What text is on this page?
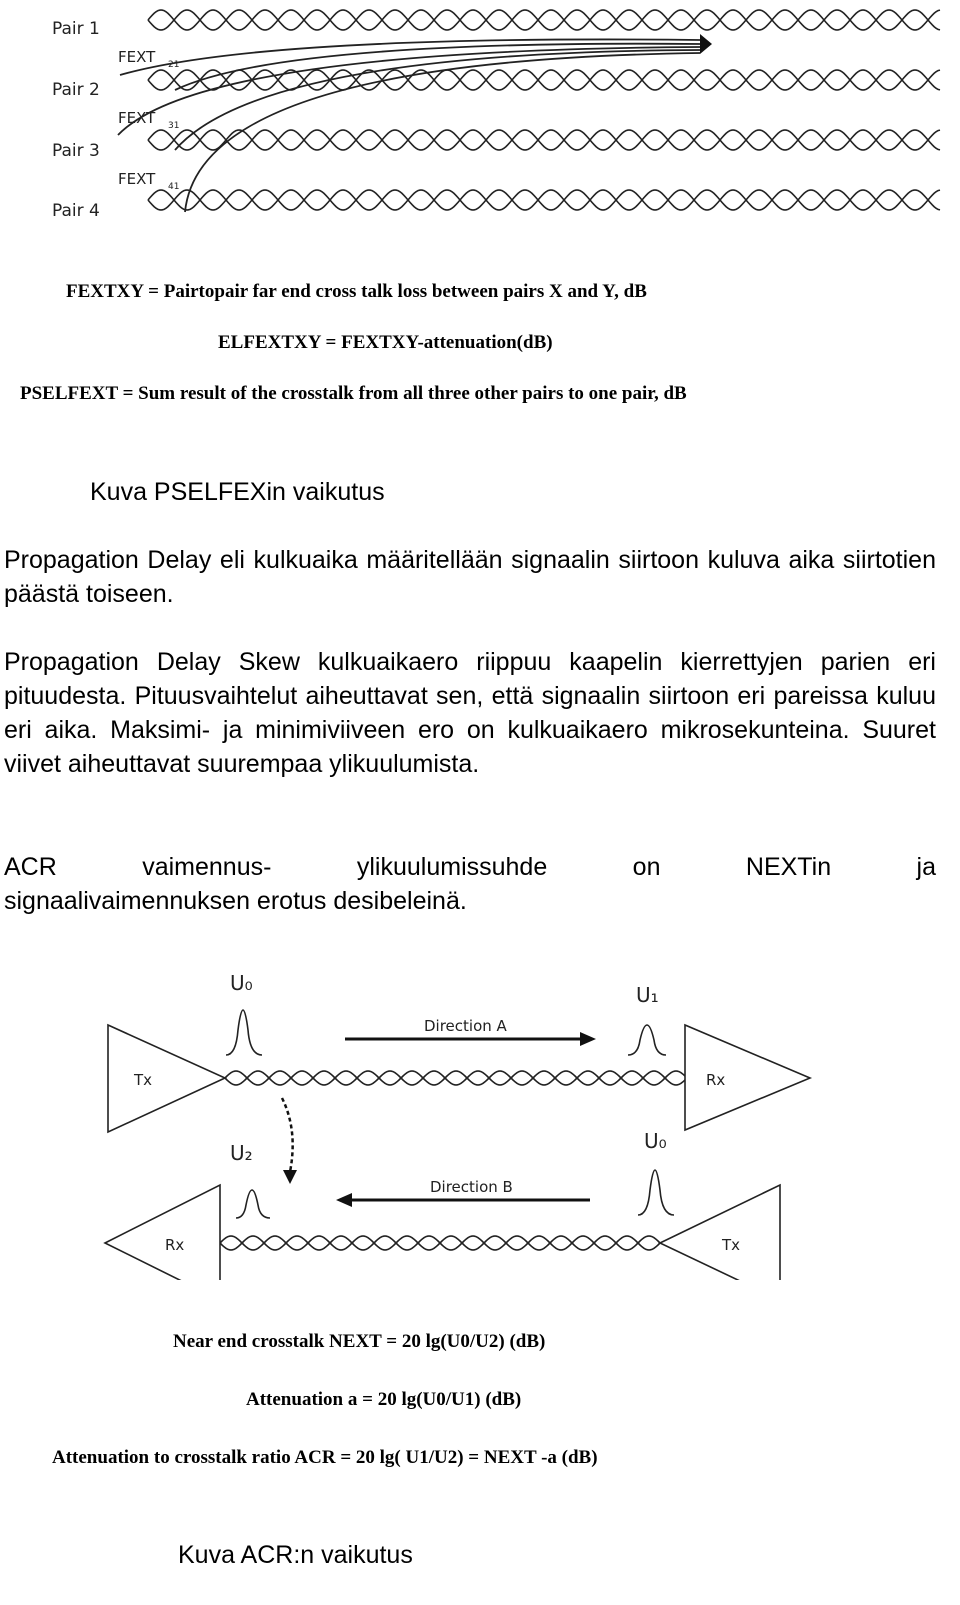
Pair 1
Pair 2
Pair 3
Pair 4
FEXT 21
FEXT 31
FEXT 41
FEXTXY = Pairtopair far end cross talk loss between pairs X and Y, dB
ELFEXTXY = FEXTXY-attenuation(dB)
PSELFEXT = Sum result of the crosstalk from all three other pairs to one pair, dB
Kuva PSELFEXin vaikutus

Propagation Delay eli kulkuaika määritellään signaalin siirtoon kuluva aika siirtotien päästä toiseen.

Propagation Delay Skew kulkuaikaero riippuu kaapelin kierrettyjen parien eri pituudesta. Pituusvaihtelut aiheuttavat sen, että signaalin siirtoon eri pareissa kuluu eri aika. Maksimi- ja minimiviiveen ero on kulkuaikaero mikrosekunteina. Suuret viivet aiheuttavat suurempaa ylikuulumista.

ACR vaimennus- ylikuulumissuhde on NEXTin ja

signaalivaimennuksen erotus desibeleinä.

Tx	Rx
Rx	Tx
U₀	U₁
U₂	U₀
Direction A
Direction B
Near end crosstalk NEXT = 20 lg(U0/U2) (dB)
Attenuation a = 20 lg(U0/U1) (dB)
Attenuation to crosstalk ratio ACR = 20 lg( U1/U2) = NEXT -a (dB)
Kuva ACR:n vaikutus
